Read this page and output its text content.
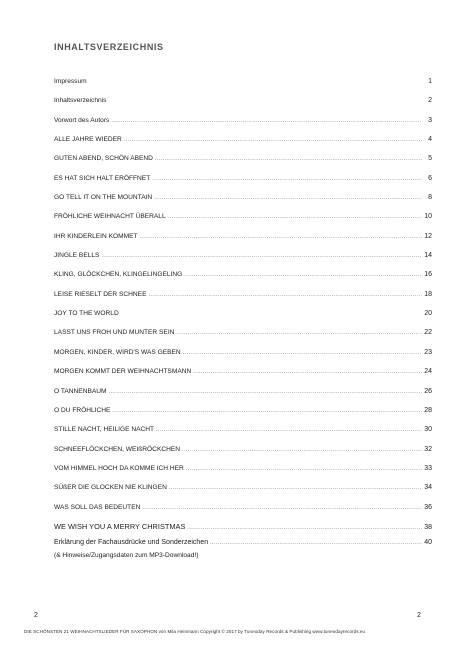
INHALTSVERZEICHNIS
Impressum	1
Inhaltsverzeichnis	2
Vorwort des Autors .....	3
ALLE JAHRE WIEDER .....	4
GUTEN ABEND, SCHÖN ABEND .....	5
ES HAT SICH HALT ERÖFFNET .....	6
GO TELL IT ON THE MOUNTAIN .....	8
FRÖHLICHE WEIHNACHT ÜBERALL .....	10
IHR KINDERLEIN KOMMET .....	12
JINGLE BELLS .....	14
KLING, GLÖCKCHEN, KLINGELINGELING .....	16
LEISE RIESELT DER SCHNEE .....	18
JOY TO THE WORLD	20
LASST UNS FROH UND MUNTER SEIN .....	22
MORGEN, KINDER, WIRD'S WAS GEBEN .....	23
MORGEN KOMMT DER WEIHNACHTSMANN .....	24
O TANNENBAUM .....	26
O DU FRÖHLICHE .....	28
STILLE NACHT, HEILIGE NACHT .....	30
SCHNEEFLÖCKCHEN, WEIßRÖCKCHEN .....	32
VOM HIMMEL HOCH DA KOMME ICH HER .....	33
SÜßER DIE GLOCKEN NIE KLINGEN .....	34
WAS SOLL DAS BEDEUTEN .....	36
WE WISH YOU A MERRY CHRISTMAS .....	38
Erklärung der Fachausdrücke und Sonderzeichen .....	40
(& Hinweise/Zugangsdaten zum MP3-Download!)
2	2
DIE SCHÖNSTEN 21 WEIHNACHTSLIEDER FÜR SAXOPHON von Mila Heinmann Copyright © 2017 by Tuneoday Records & Publishing www.tuneodayrecords.eu
